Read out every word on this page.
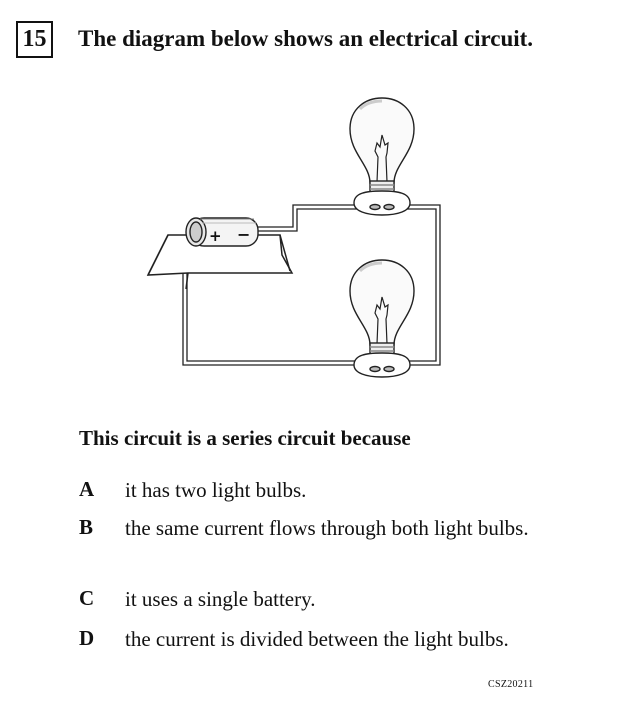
15 The diagram below shows an electrical circuit.
+ −
This circuit is a series circuit because
A	it has two light bulbs.
B	the same current flows through both light bulbs.
C	it uses a single battery.
D	the current is divided between the light bulbs.
CSZ20211
